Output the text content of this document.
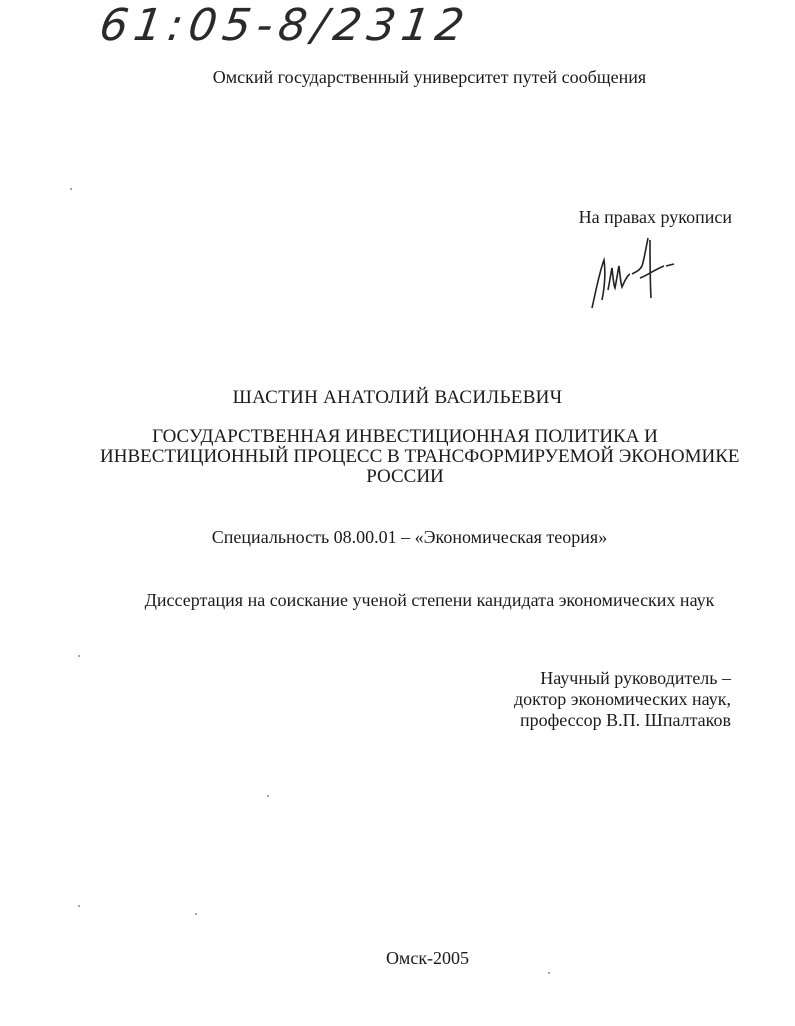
61:05-8/2312
Омский государственный университет путей сообщения
На правах рукописи
ШАСТИН АНАТОЛИЙ ВАСИЛЬЕВИЧ
ГОСУДАРСТВЕННАЯ ИНВЕСТИЦИОННАЯ ПОЛИТИКА И
ИНВЕСТИЦИОННЫЙ ПРОЦЕСС В ТРАНСФОРМИРУЕМОЙ ЭКОНОМИКЕ
РОССИИ
Специальность 08.00.01 – «Экономическая теория»
Диссертация на соискание ученой степени кандидата экономических наук
Научный руководитель –
доктор экономических наук,
профессор В.П. Шпалтаков
Омск-2005
